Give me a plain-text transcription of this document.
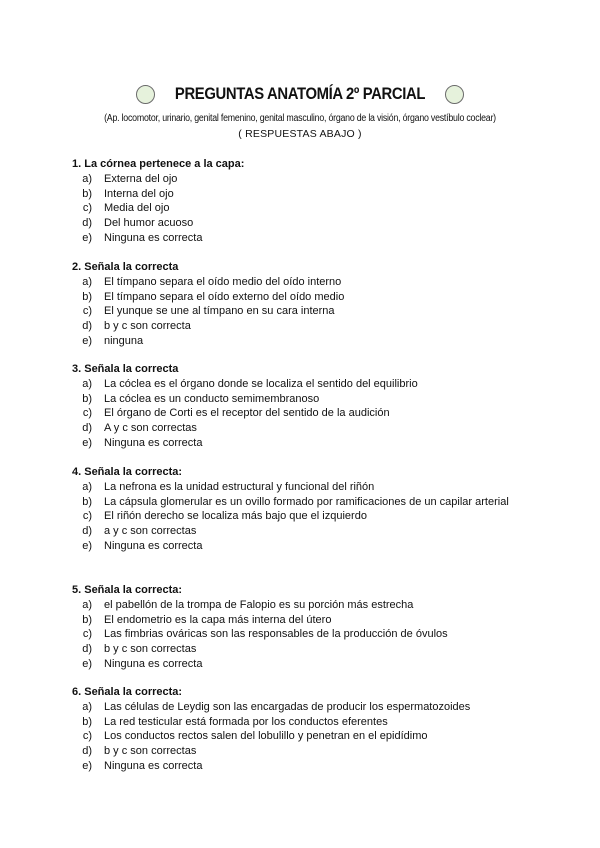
PREGUNTAS ANATOMÍA 2º PARCIAL
(Ap. locomotor, urinario, genital femenino, genital masculino, órgano de la visión, órgano vestíbulo coclear)
( RESPUESTAS ABAJO )
1. La córnea pertenece a la capa:
a) Externa del ojo
b) Interna del ojo
c) Media del ojo
d) Del humor acuoso
e) Ninguna es correcta
2. Señala la correcta
a) El tímpano separa el oído medio del oído interno
b) El tímpano separa el oído externo del oído medio
c) El yunque se une al tímpano en su cara interna
d) b y c son correcta
e) ninguna
3. Señala la correcta
a) La cóclea es el órgano donde se localiza el sentido del equilibrio
b) La cóclea es un conducto semimembranoso
c) El órgano de Corti es el receptor del sentido de la audición
d) A y c son correctas
e) Ninguna es correcta
4. Señala la correcta:
a) La nefrona es la unidad estructural y funcional del riñón
b) La cápsula glomerular es un ovillo formado por ramificaciones de un capilar arterial
c) El riñón derecho se localiza más bajo que el izquierdo
d) a y c son correctas
e) Ninguna es correcta
5. Señala la correcta:
a) el pabellón de la trompa de Falopio es su porción más estrecha
b) El endometrio es la capa más interna del útero
c) Las fimbrias ováricas son las responsables de la producción de óvulos
d) b y c son correctas
e) Ninguna es correcta
6. Señala la correcta:
a) Las células de Leydig son las encargadas de producir los espermatozoides
b) La red testicular está formada por los conductos eferentes
c) Los conductos rectos salen del lobulillo y penetran en el epidídimo
d) b y c son correctas
e) Ninguna es correcta
